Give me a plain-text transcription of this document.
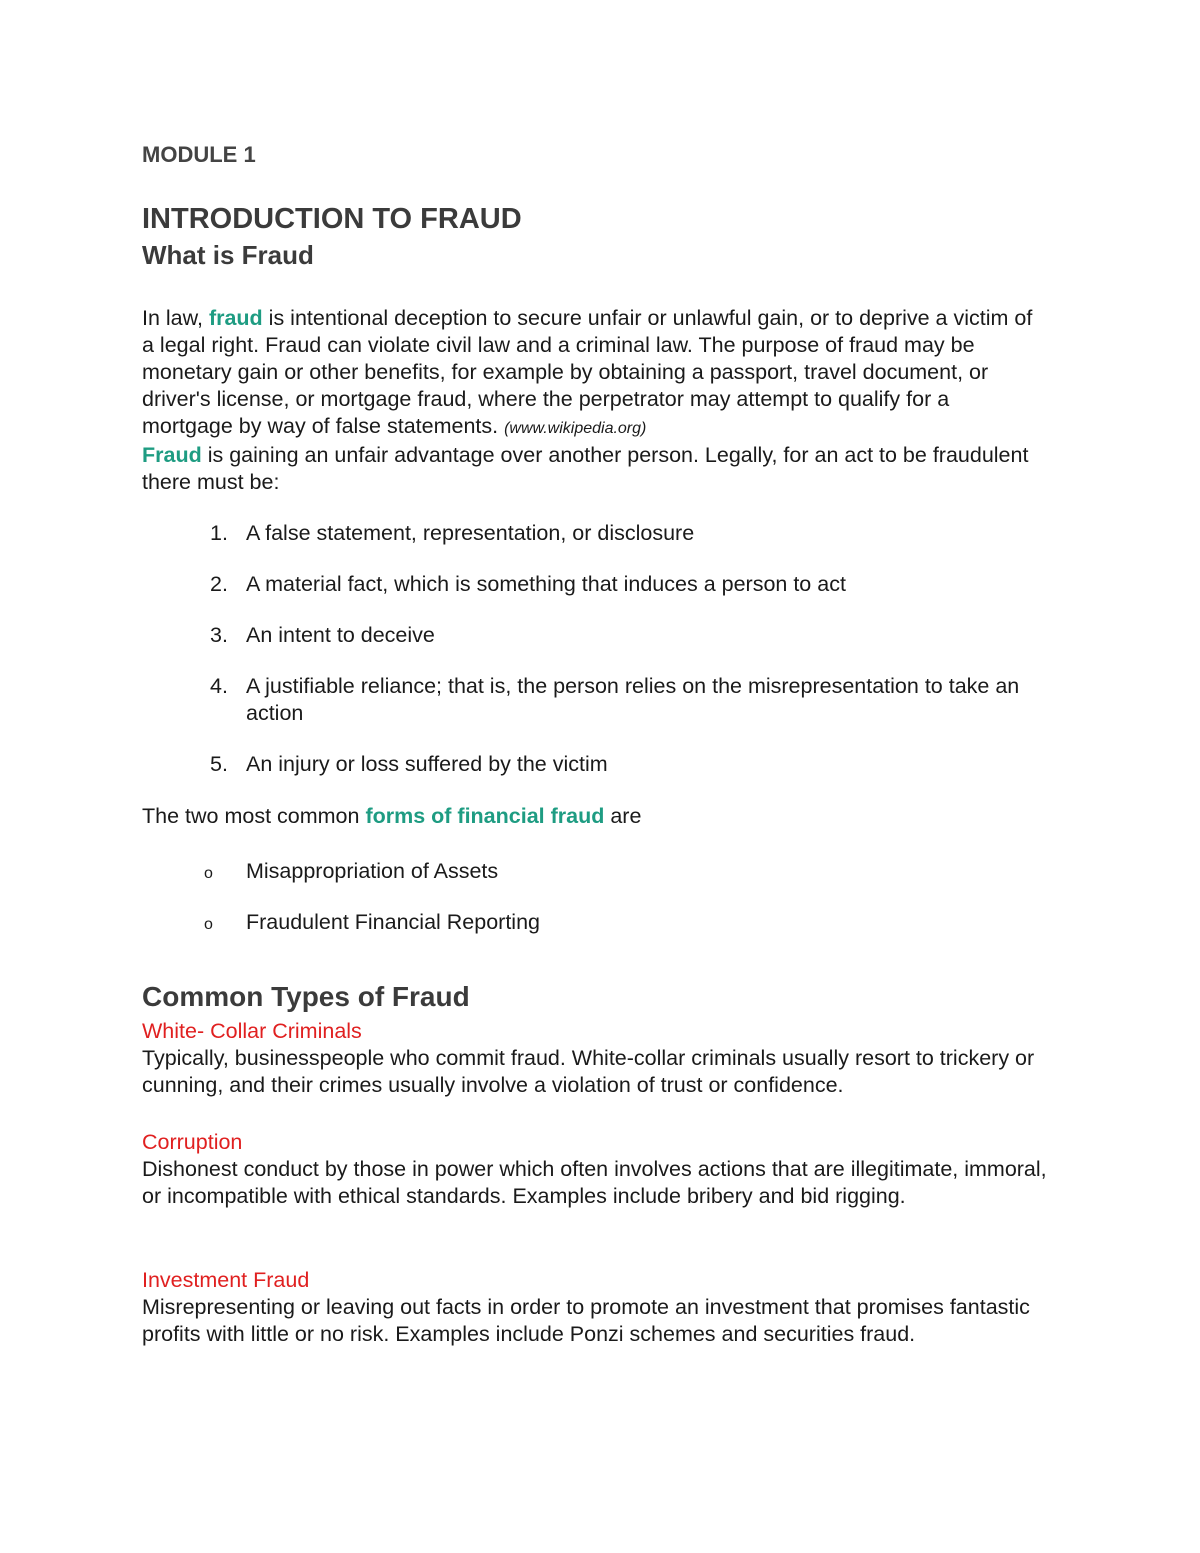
MODULE 1
INTRODUCTION TO FRAUD
What is Fraud

In law, fraud is intentional deception to secure unfair or unlawful gain, or to deprive a victim of a legal right. Fraud can violate civil law and a criminal law. The purpose of fraud may be monetary gain or other benefits, for example by obtaining a passport, travel document, or driver's license, or mortgage fraud, where the perpetrator may attempt to qualify for a mortgage by way of false statements. (www.wikipedia.org)
Fraud is gaining an unfair advantage over another person. Legally, for an act to be fraudulent there must be:

1. A false statement, representation, or disclosure
2. A material fact, which is something that induces a person to act
3. An intent to deceive
4. A justifiable reliance; that is, the person relies on the misrepresentation to take an action
5. An injury or loss suffered by the victim

The two most common forms of financial fraud are

o Misappropriation of Assets
o Fraudulent Financial Reporting
Common Types of Fraud
White- Collar Criminals

Typically, businesspeople who commit fraud. White-collar criminals usually resort to trickery or cunning, and their crimes usually involve a violation of trust or confidence.

Corruption

Dishonest conduct by those in power which often involves actions that are illegitimate, immoral, or incompatible with ethical standards. Examples include bribery and bid rigging.

Investment Fraud

Misrepresenting or leaving out facts in order to promote an investment that promises fantastic profits with little or no risk. Examples include Ponzi schemes and securities fraud.
